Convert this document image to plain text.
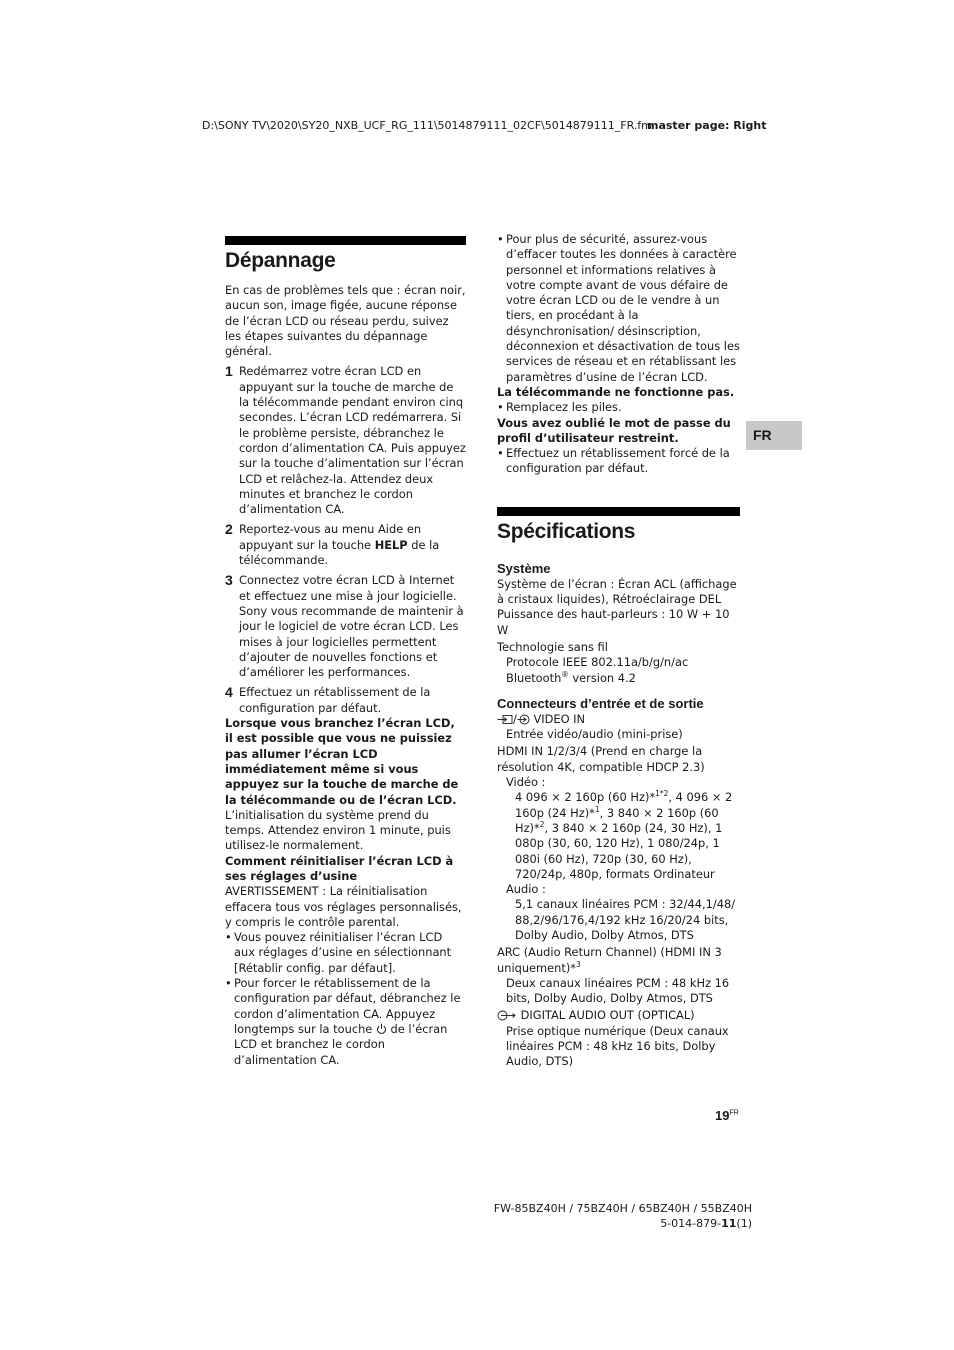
D:\SONY TV\2020\SY20_NXB_UCF_RG_111\5014879111_02CF\5014879111_FR.fm
master page: Right
FR
Dépannage

En cas de problèmes tels que : écran noir, aucun son, image figée, aucune réponse de l’écran LCD ou réseau perdu, suivez les étapes suivantes du dépannage général.

1 Redémarrez votre écran LCD en appuyant sur la touche de marche de la télécommande pendant environ cinq secondes. L’écran LCD redémarrera. Si le problème persiste, débranchez le cordon d’alimentation CA. Puis appuyez sur la touche d’alimentation sur l’écran LCD et relâchez-la. Attendez deux minutes et branchez le cordon d’alimentation CA.
2 Reportez-vous au menu Aide en appuyant sur la touche HELP de la télécommande.
3 Connectez votre écran LCD à Internet et effectuez une mise à jour logicielle. Sony vous recommande de maintenir à jour le logiciel de votre écran LCD. Les mises à jour logicielles permettent d’ajouter de nouvelles fonctions et d’améliorer les performances.
4 Effectuez un rétablissement de la configuration par défaut.

Lorsque vous branchez l’écran LCD, il est possible que vous ne puissiez pas allumer l’écran LCD immédiatement même si vous appuyez sur la touche de marche de la télécommande ou de l’écran LCD.

L’initialisation du système prend du temps. Attendez environ 1 minute, puis utilisez-le normalement.

Comment réinitialiser l’écran LCD à ses réglages d’usine

AVERTISSEMENT : La réinitialisation effacera tous vos réglages personnalisés, y compris le contrôle parental.

• Vous pouvez réinitialiser l’écran LCD aux réglages d’usine en sélectionnant [Rétablir config. par défaut].
• Pour forcer le rétablissement de la configuration par défaut, débranchez le cordon d’alimentation CA. Appuyez longtemps sur la touche  de l’écran LCD et branchez le cordon d’alimentation CA.
• Pour plus de sécurité, assurez-vous d’effacer toutes les données à caractère personnel et informations relatives à votre compte avant de vous défaire de votre écran LCD ou de le vendre à un tiers, en procédant à la désynchronisation/ désinscription, déconnexion et désactivation de tous les services de réseau et en rétablissant les paramètres d’usine de l’écran LCD.

La télécommande ne fonctionne pas.

• Remplacez les piles.

Vous avez oublié le mot de passe du profil d’utilisateur restreint.

• Effectuez un rétablissement forcé de la configuration par défaut.
Spécifications
Système

Système de l’écran : Écran ACL (affichage à cristaux liquides), Rétroéclairage DEL

Puissance des haut-parleurs : 10 W + 10 W

Technologie sans fil

Protocole IEEE 802.11a/b/g/n/ac

Bluetooth® version 4.2

Connecteurs d’entrée et de sortie

/ VIDEO IN

Entrée vidéo/audio (mini-prise)

HDMI IN 1/2/3/4 (Prend en charge la résolution 4K, compatible HDCP 2.3)

Vidéo :

4 096 × 2 160p (60 Hz)*$^{1*2}$, 4 096 × 2 160p (24 Hz)*$^1$, 3 840 × 2 160p (60 Hz)*$^2$, 3 840 × 2 160p (24, 30 Hz), 1 080p (30, 60, 120 Hz), 1 080/24p, 1 080i (60 Hz), 720p (30, 60 Hz), 720/24p, 480p, formats Ordinateur

Audio :

5,1 canaux linéaires PCM : 32/44,1/48/ 88,2/96/176,4/192 kHz 16/20/24 bits, Dolby Audio, Dolby Atmos, DTS

ARC (Audio Return Channel) (HDMI IN 3 uniquement)*$^3$

Deux canaux linéaires PCM : 48 kHz 16 bits, Dolby Audio, Dolby Atmos, DTS

DIGITAL AUDIO OUT (OPTICAL)

Prise optique numérique (Deux canaux linéaires PCM : 48 kHz 16 bits, Dolby Audio, DTS)

$19^{FR}$
FW-85BZ40H / 75BZ40H / 65BZ40H / 55BZ40H
5-014-879-11(1)
